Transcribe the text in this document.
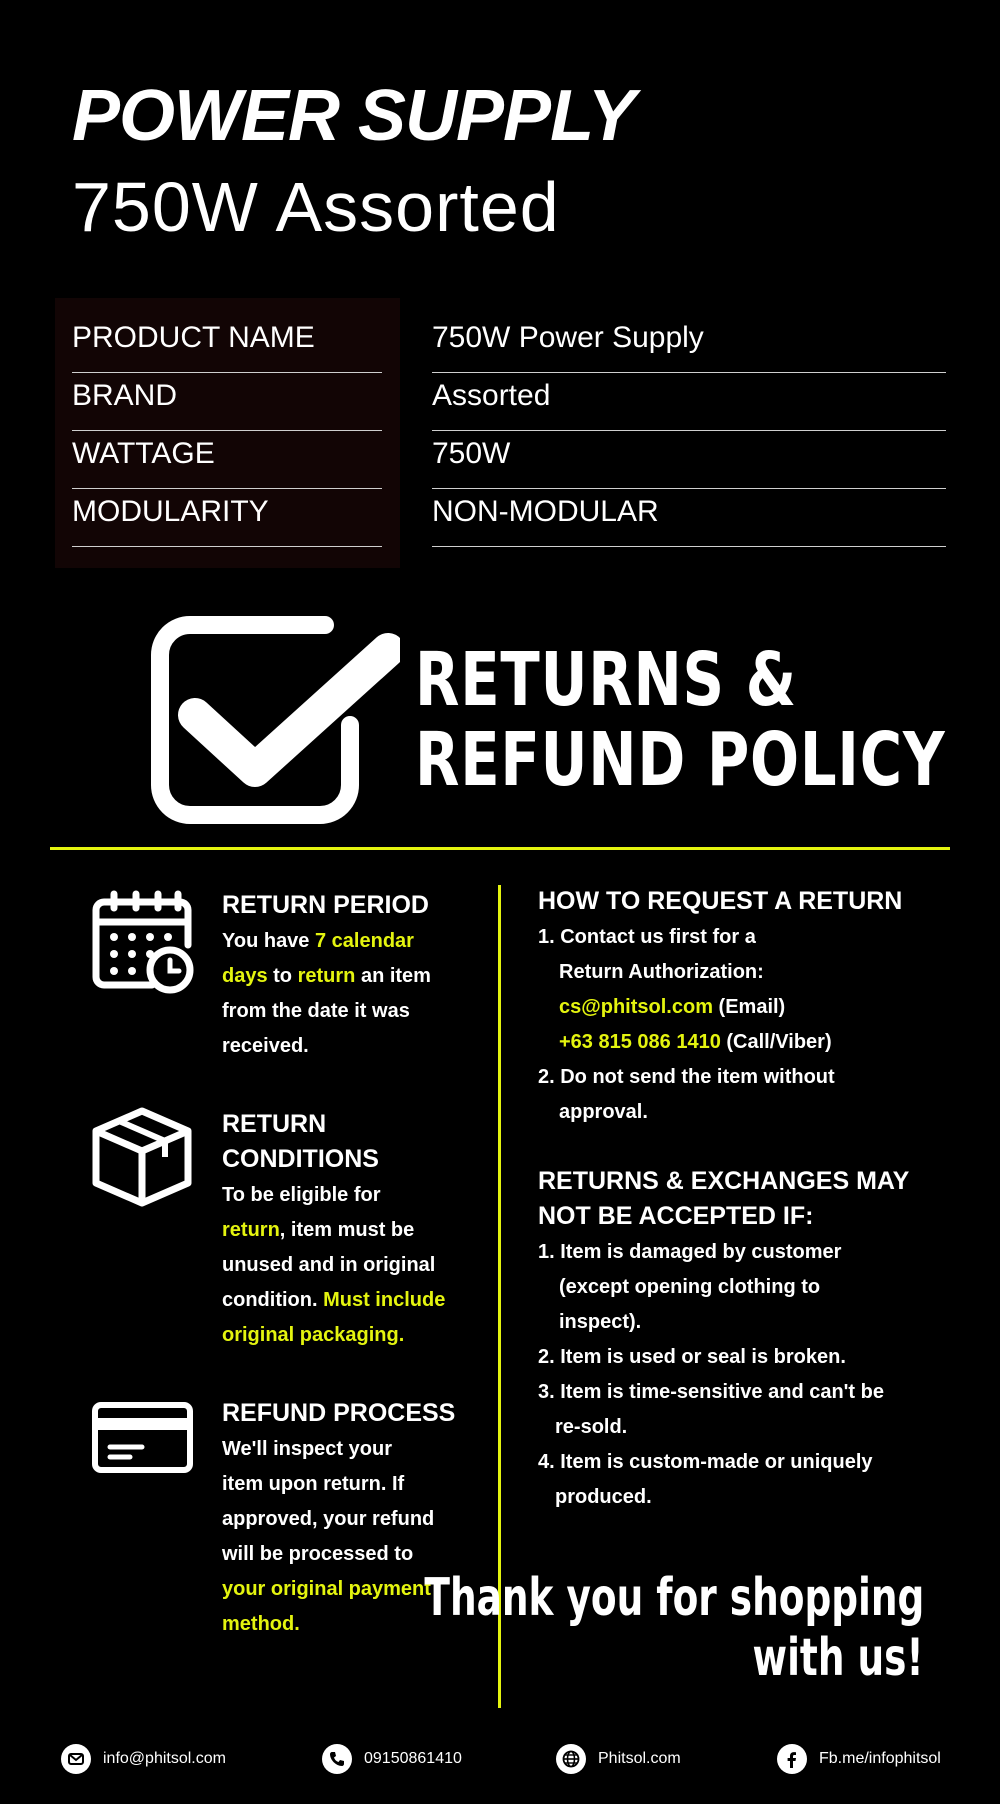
POWER SUPPLY
750W Assorted
PRODUCT NAME	750W Power Supply
BRAND	Assorted
WATTAGE	750W
MODULARITY	NON-MODULAR
RETURNS &
REFUND POLICY
RETURN PERIOD
You have 7 calendar
days to return an item
from the date it was
received.
RETURN
CONDITIONS
To be eligible for
return, item must be
unused and in original
condition. Must include
original packaging.
REFUND PROCESS
We'll inspect your
item upon return. If
approved, your refund
will be processed to
your original payment
method.
HOW TO REQUEST A RETURN
1. Contact us first for a
Return Authorization:
cs@phitsol.com (Email)
+63 815 086 1410 (Call/Viber)
2. Do not send the item without
approval.
RETURNS & EXCHANGES MAY
NOT BE ACCEPTED IF:
1. Item is damaged by customer
(except opening clothing to
inspect).
2. Item is used or seal is broken.
3. Item is time-sensitive and can't be
re-sold.
4. Item is custom-made or uniquely
produced.
Thank you for shopping
with us!
info@phitsol.com	09150861410	Phitsol.com	Fb.me/infophitsol
